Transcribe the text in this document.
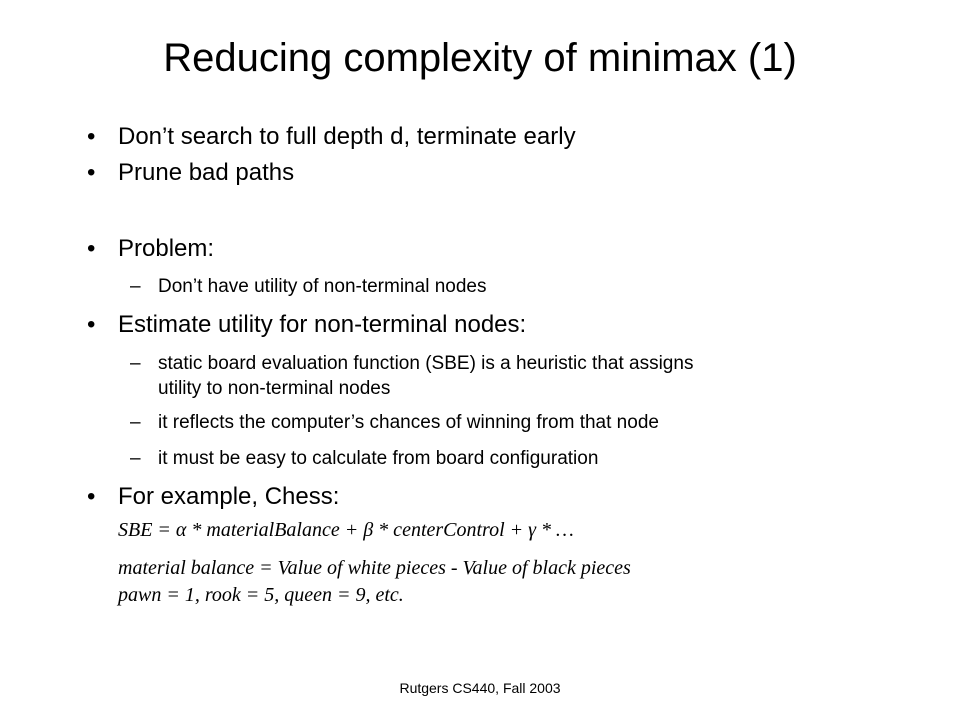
Reducing complexity of minimax (1)
• Don’t search to full depth d, terminate early
• Prune bad paths
• Problem:
– Don’t have utility of non-terminal nodes
• Estimate utility for non-terminal nodes:
– static board evaluation function (SBE) is a heuristic that assigns
utility to non-terminal nodes
– it reflects the computer’s chances of winning from that node
– it must be easy to calculate from board configuration
• For example, Chess:
SBE = α * materialBalance + β * centerControl + γ * …
material balance = Value of white pieces - Value of black pieces
pawn = 1, rook = 5, queen = 9, etc.
Rutgers CS440, Fall 2003
